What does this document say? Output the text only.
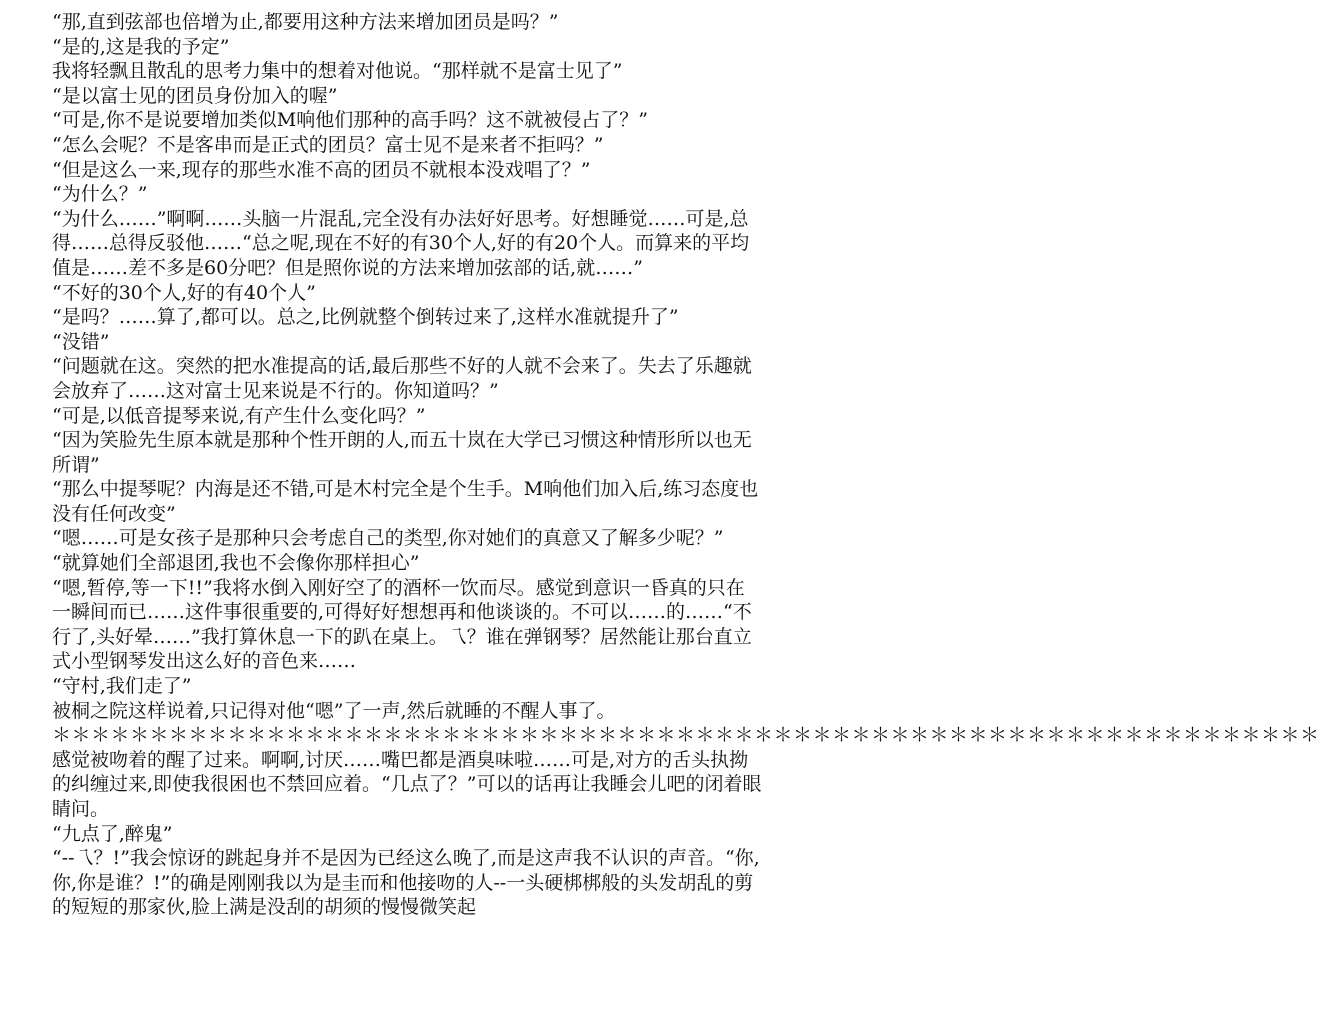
“那,直到弦部也倍增为止,都要用这种方法来增加团员是吗？”

“是的,这是我的予定”

我将轻飘且散乱的思考力集中的想着对他说。“那样就不是富士见了”

“是以富士见的团员身份加入的喔”

“可是,你不是说要增加类似M响他们那种的高手吗？这不就被侵占了？”

“怎么会呢？不是客串而是正式的团员？富士见不是来者不拒吗？”

“但是这么一来,现存的那些水准不高的团员不就根本没戏唱了？”

“为什么？”

“为什么……”啊啊……头脑一片混乱,完全没有办法好好思考。好想睡觉……可是,总得……总得反驳他……“总之呢,现在不好的有30个人,好的有20个人。而算来的平均值是……差不多是60分吧？但是照你说的方法来增加弦部的话,就……”

“不好的30个人,好的有40个人”

“是吗？……算了,都可以。总之,比例就整个倒转过来了,这样水准就提升了”

“没错”

“问题就在这。突然的把水准提高的话,最后那些不好的人就不会来了。失去了乐趣就会放弃了……这对富士见来说是不行的。你知道吗？”

“可是,以低音提琴来说,有产生什么变化吗？”

“因为笑脸先生原本就是那种个性开朗的人,而五十岚在大学已习惯这种情形所以也无所谓”

“那么中提琴呢？内海是还不错,可是木村完全是个生手。M响他们加入后,练习态度也没有任何改变”

“嗯……可是女孩子是那种只会考虑自己的类型,你对她们的真意又了解多少呢？”

“就算她们全部退团,我也不会像你那样担心”

“嗯,暂停,等一下!!”我将水倒入刚好空了的酒杯一饮而尽。感觉到意识一昏真的只在一瞬间而已……这件事很重要的,可得好好想想再和他谈谈的。不可以……的……“不行了,头好晕……”我打算休息一下的趴在桌上。乁？谁在弹钢琴？居然能让那台直立式小型钢琴发出这么好的音色来……

“守村,我们走了”

被桐之院这样说着,只记得对他“嗯”了一声,然后就睡的不醒人事了。

＊＊＊＊＊＊＊＊＊＊＊＊＊＊＊＊＊＊＊＊＊＊＊＊＊＊＊＊＊＊＊＊＊＊＊＊＊＊＊＊＊＊＊＊＊＊＊＊＊＊＊＊＊＊＊＊＊＊＊＊＊＊＊＊＊

感觉被吻着的醒了过来。啊啊,讨厌……嘴巴都是酒臭味啦……可是,对方的舌头执拗的纠缠过来,即使我很困也不禁回应着。“几点了？”可以的话再让我睡会儿吧的闭着眼睛问。

“九点了,醉鬼”

“--乁？!”我会惊讶的跳起身并不是因为已经这么晚了,而是这声我不认识的声音。“你,你,你是谁？!”的确是刚刚我以为是圭而和他接吻的人--一头硬梆梆般的头发胡乱的剪的短短的那家伙,脸上满是没刮的胡须的慢慢微笑起
